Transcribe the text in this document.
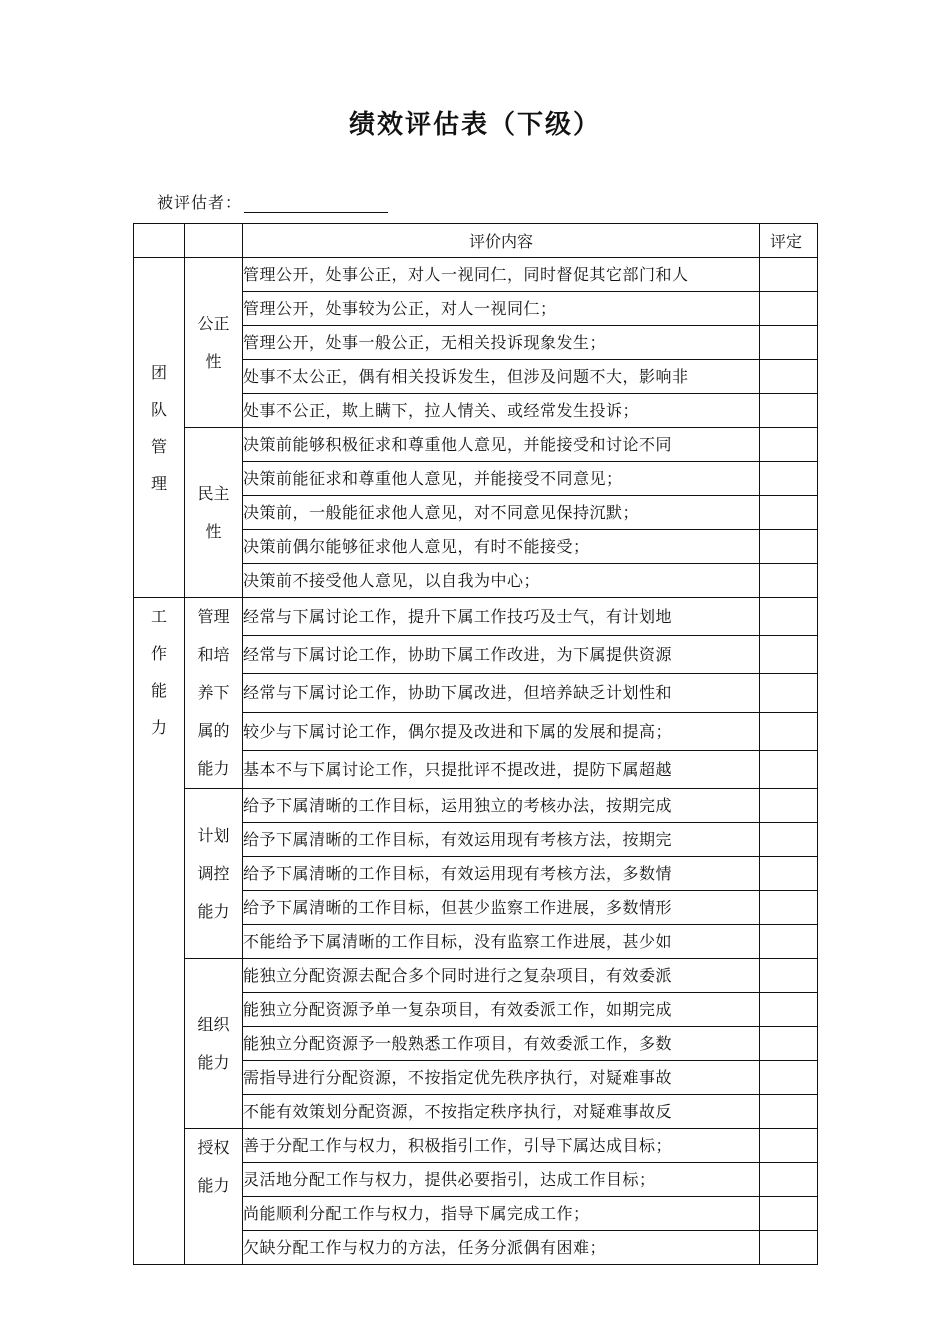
绩效评估表（下级）
被评估者：
		评价内容	评定
团队管理	公正性	管理公开，处事公正，对人一视同仁，同时督促其它部门和人	
		管理公开，处事较为公正，对人一视同仁；	
		管理公开，处事一般公正，无相关投诉现象发生；	
		处事不太公正，偶有相关投诉发生，但涉及问题不大，影响非	
		处事不公正，欺上瞒下，拉人情关、或经常发生投诉；	
	民主性	决策前能够积极征求和尊重他人意见，并能接受和讨论不同	
		决策前能征求和尊重他人意见，并能接受不同意见；	
		决策前，一般能征求他人意见，对不同意见保持沉默；	
		决策前偶尔能够征求他人意见，有时不能接受；	
		决策前不接受他人意见，以自我为中心；	
工作能力	管理和培养下属的能力	经常与下属讨论工作，提升下属工作技巧及士气，有计划地	
		经常与下属讨论工作，协助下属工作改进，为下属提供资源	
		经常与下属讨论工作，协助下属改进，但培养缺乏计划性和	
		较少与下属讨论工作，偶尔提及改进和下属的发展和提高；	
		基本不与下属讨论工作，只提批评不提改进，提防下属超越	
	计划调控能力	给予下属清晰的工作目标，运用独立的考核办法，按期完成	
		给予下属清晰的工作目标，有效运用现有考核方法，按期完	
		给予下属清晰的工作目标，有效运用现有考核方法，多数情	
		给予下属清晰的工作目标，但甚少监察工作进展，多数情形	
		不能给予下属清晰的工作目标，没有监察工作进展，甚少如	
	组织能力	能独立分配资源去配合多个同时进行之复杂项目，有效委派	
		能独立分配资源予单一复杂项目，有效委派工作，如期完成	
		能独立分配资源予一般熟悉工作项目，有效委派工作，多数	
		需指导进行分配资源，不按指定优先秩序执行，对疑难事故	
		不能有效策划分配资源，不按指定秩序执行，对疑难事故反	
	授权能力	善于分配工作与权力，积极指引工作，引导下属达成目标；	
		灵活地分配工作与权力，提供必要指引，达成工作目标；	
		尚能顺利分配工作与权力，指导下属完成工作；	
		欠缺分配工作与权力的方法，任务分派偶有困难；	
